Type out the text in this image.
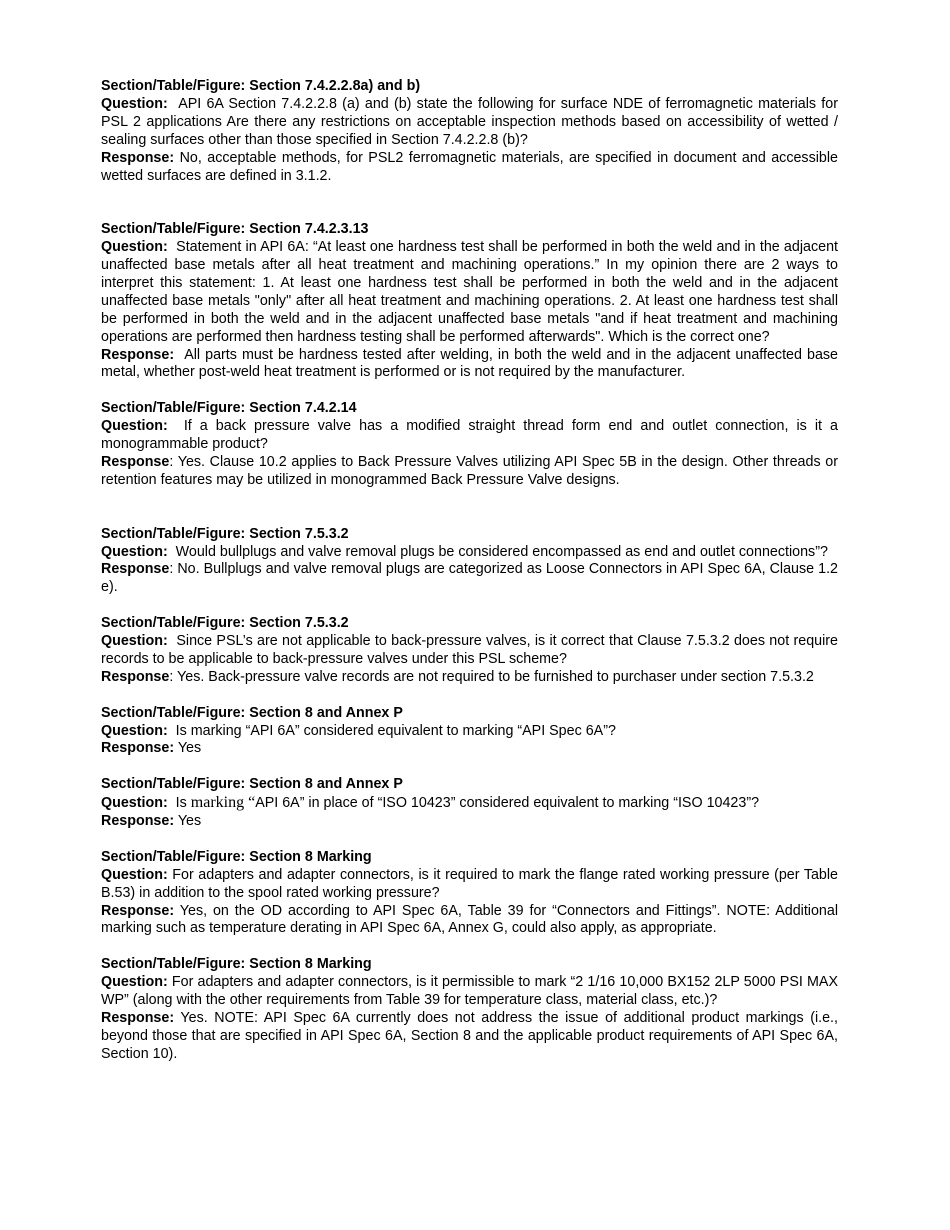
Section/Table/Figure: Section 7.4.2.2.8a) and b)

Question: API 6A Section 7.4.2.2.8 (a) and (b) state the following for surface NDE of ferromagnetic materials for PSL 2 applications Are there any restrictions on acceptable inspection methods based on accessibility of wetted / sealing surfaces other than those specified in Section 7.4.2.2.8 (b)?

Response: No, acceptable methods, for PSL2 ferromagnetic materials, are specified in document and accessible wetted surfaces are defined in 3.1.2.

Section/Table/Figure: Section 7.4.2.3.13

Question: Statement in API 6A: “At least one hardness test shall be performed in both the weld and in the adjacent unaffected base metals after all heat treatment and machining operations.” In my opinion there are 2 ways to interpret this statement: 1. At least one hardness test shall be performed in both the weld and in the adjacent unaffected base metals "only" after all heat treatment and machining operations. 2. At least one hardness test shall be performed in both the weld and in the adjacent unaffected base metals "and if heat treatment and machining operations are performed then hardness testing shall be performed afterwards". Which is the correct one?

Response: All parts must be hardness tested after welding, in both the weld and in the adjacent unaffected base metal, whether post-weld heat treatment is performed or is not required by the manufacturer.

Section/Table/Figure: Section 7.4.2.14

Question: If a back pressure valve has a modified straight thread form end and outlet connection, is it a monogrammable product?

Response: Yes. Clause 10.2 applies to Back Pressure Valves utilizing API Spec 5B in the design. Other threads or retention features may be utilized in monogrammed Back Pressure Valve designs.

Section/Table/Figure: Section 7.5.3.2

Question: Would bullplugs and valve removal plugs be considered encompassed as end and outlet connections”?

Response: No. Bullplugs and valve removal plugs are categorized as Loose Connectors in API Spec 6A, Clause 1.2 e).

Section/Table/Figure: Section 7.5.3.2

Question: Since PSL’s are not applicable to back-pressure valves, is it correct that Clause 7.5.3.2 does not require records to be applicable to back-pressure valves under this PSL scheme?

Response: Yes. Back-pressure valve records are not required to be furnished to purchaser under section 7.5.3.2

Section/Table/Figure: Section 8 and Annex P

Question: Is marking “API 6A” considered equivalent to marking “API Spec 6A”?

Response: Yes

Section/Table/Figure: Section 8 and Annex P

Question: Is marking “API 6A” in place of “ISO 10423” considered equivalent to marking “ISO 10423”?

Response: Yes

Section/Table/Figure: Section 8 Marking

Question: For adapters and adapter connectors, is it required to mark the flange rated working pressure (per Table B.53) in addition to the spool rated working pressure?

Response: Yes, on the OD according to API Spec 6A, Table 39 for “Connectors and Fittings”. NOTE: Additional marking such as temperature derating in API Spec 6A, Annex G, could also apply, as appropriate.

Section/Table/Figure: Section 8 Marking

Question: For adapters and adapter connectors, is it permissible to mark “2 1/16 10,000 BX152 2LP 5000 PSI MAX WP” (along with the other requirements from Table 39 for temperature class, material class, etc.)?

Response: Yes. NOTE: API Spec 6A currently does not address the issue of additional product markings (i.e., beyond those that are specified in API Spec 6A, Section 8 and the applicable product requirements of API Spec 6A, Section 10).
